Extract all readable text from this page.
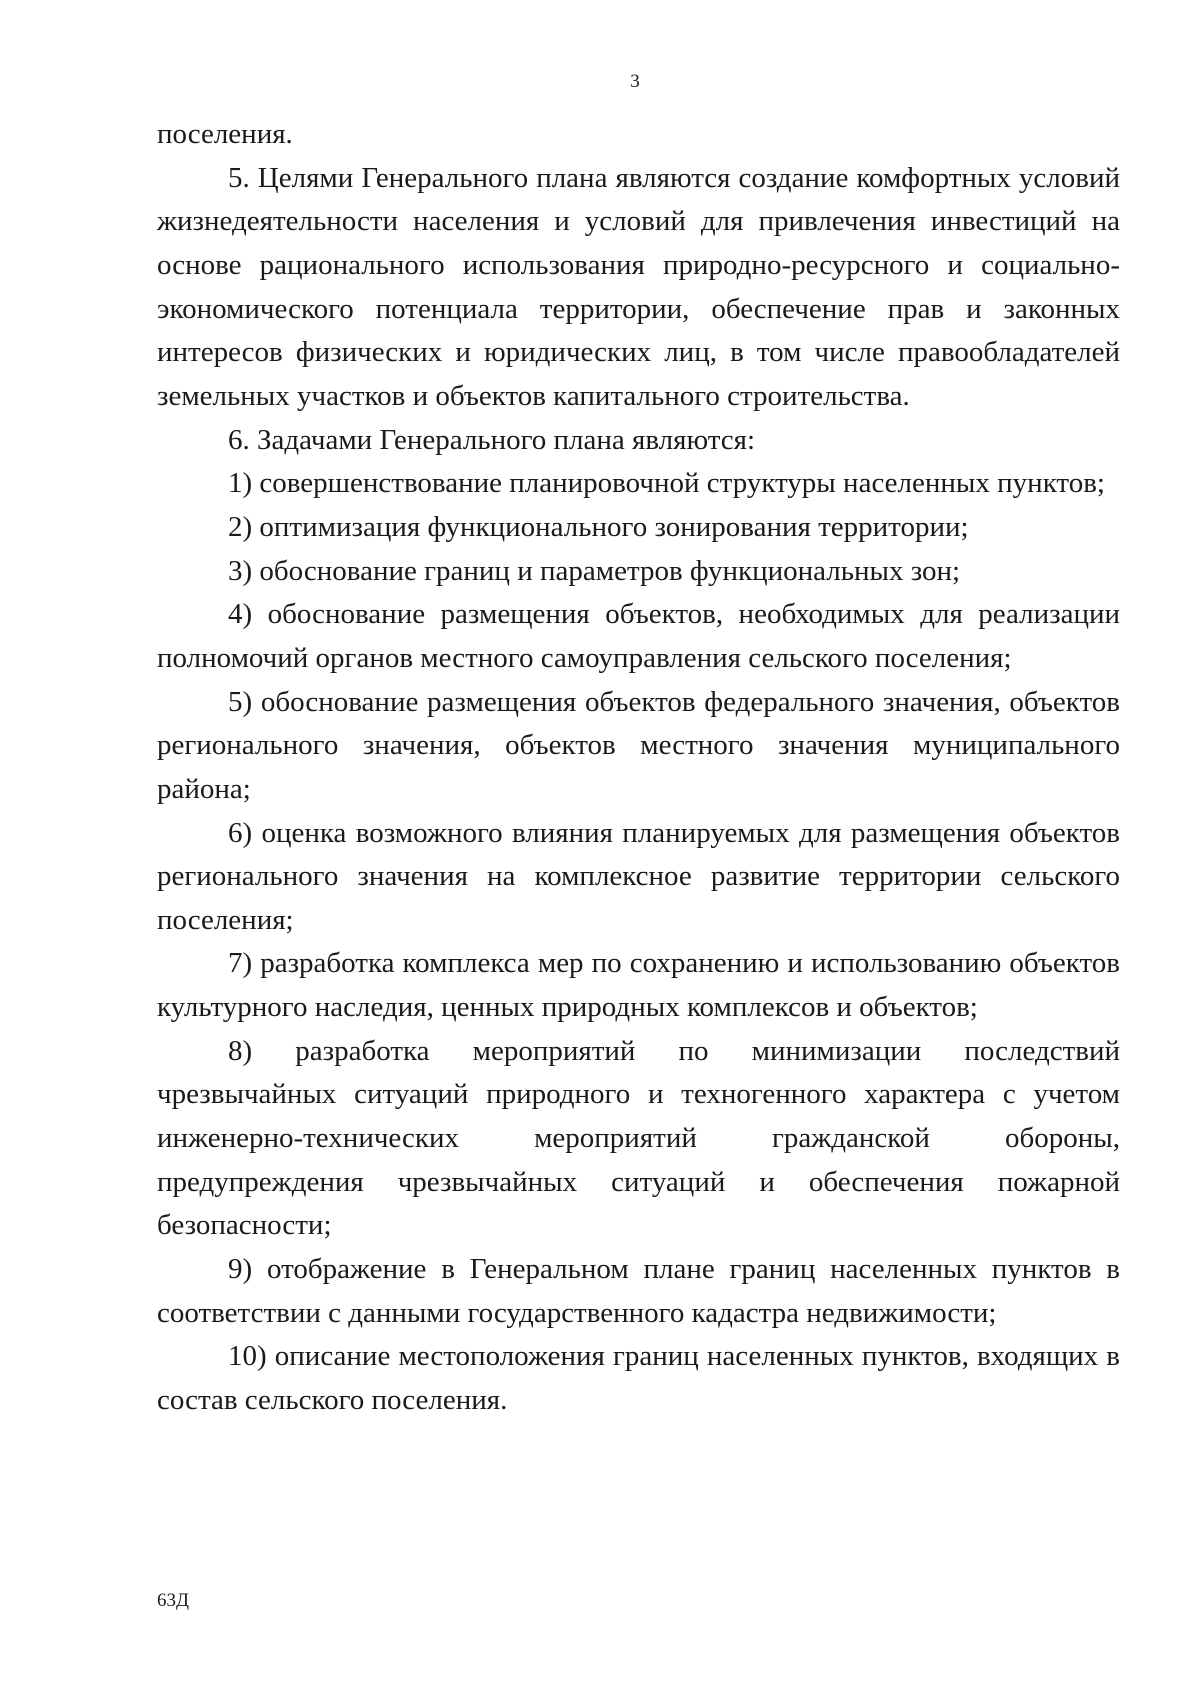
3

поселения.

5. Целями Генерального плана являются создание комфортных условий жизнедеятельности населения и условий для привлечения инвестиций на основе рационального использования природно-ресурсного и социально-экономического потенциала территории, обеспечение прав и законных интересов физических и юридических лиц, в том числе правообладателей земельных участков и объектов капитального строительства.

6. Задачами Генерального плана являются:

1) совершенствование планировочной структуры населенных пунктов;

2) оптимизация функционального зонирования территории;

3) обоснование границ и параметров функциональных зон;

4) обоснование размещения объектов, необходимых для реализации полномочий органов местного самоуправления сельского поселения;

5) обоснование размещения объектов федерального значения, объектов регионального значения, объектов местного значения муниципального района;

6) оценка возможного влияния планируемых для размещения объектов регионального значения на комплексное развитие территории сельского поселения;

7) разработка комплекса мер по сохранению и использованию объектов культурного наследия, ценных природных комплексов и объектов;

8) разработка мероприятий по минимизации последствий чрезвычайных ситуаций природного и техногенного характера с учетом инженерно-технических мероприятий гражданской обороны, предупреждения чрезвычайных ситуаций и обеспечения пожарной безопасности;

9) отображение в Генеральном плане границ населенных пунктов в соответствии с данными государственного кадастра недвижимости;

10) описание местоположения границ населенных пунктов, входящих в состав сельского поселения.

63Д
